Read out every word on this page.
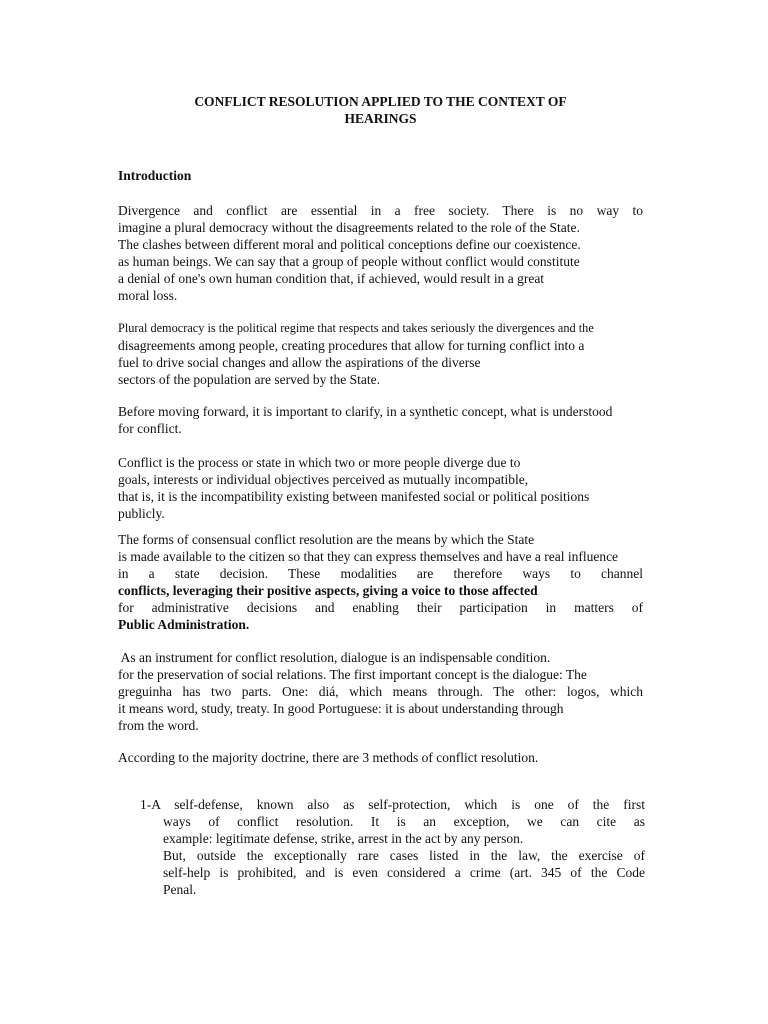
CONFLICT RESOLUTION APPLIED TO THE CONTEXT OF
HEARINGS
Introduction
Divergence and conflict are essential in a free society. There is no way to
imagine a plural democracy without the disagreements related to the role of the State.
The clashes between different moral and political conceptions define our coexistence.
as human beings. We can say that a group of people without conflict would constitute
a denial of one's own human condition that, if achieved, would result in a great
moral loss.
Plural democracy is the political regime that respects and takes seriously the divergences and the
disagreements among people, creating procedures that allow for turning conflict into a
fuel to drive social changes and allow the aspirations of the diverse
sectors of the population are served by the State.
Before moving forward, it is important to clarify, in a synthetic concept, what is understood
for conflict.
Conflict is the process or state in which two or more people diverge due to
goals, interests or individual objectives perceived as mutually incompatible,
that is, it is the incompatibility existing between manifested social or political positions
publicly.
The forms of consensual conflict resolution are the means by which the State
is made available to the citizen so that they can express themselves and have a real influence
in a state decision. These modalities are therefore ways to channel
conflicts, leveraging their positive aspects, giving a voice to those affected
for administrative decisions and enabling their participation in matters of
Public Administration.
As an instrument for conflict resolution, dialogue is an indispensable condition.
for the preservation of social relations. The first important concept is the dialogue: The
greguinha has two parts. One: diá, which means through. The other: logos, which
it means word, study, treaty. In good Portuguese: it is about understanding through
from the word.
According to the majority doctrine, there are 3 methods of conflict resolution.
1-A self-defense, known also as self-protection, which is one of the first
ways of conflict resolution. It is an exception, we can cite as
example: legitimate defense, strike, arrest in the act by any person.
But, outside the exceptionally rare cases listed in the law, the exercise of
self-help is prohibited, and is even considered a crime (art. 345 of the Code
Penal.
